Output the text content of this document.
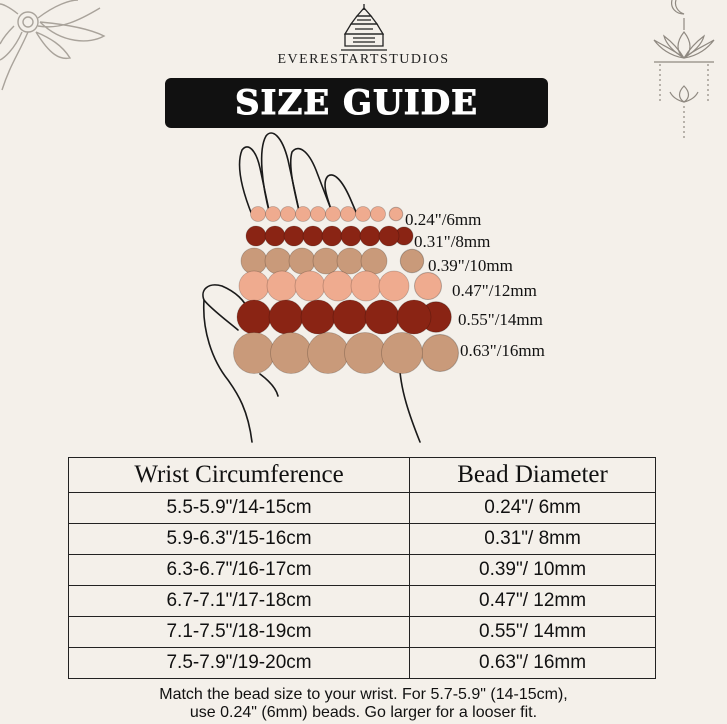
EVERESTARTSTUDIOS
SIZE GUIDE
0.24"/6mm
0.31"/8mm
0.39"/10mm
0.47"/12mm
0.55"/14mm
0.63"/16mm
Wrist Circumference	Bead Diameter
5.5-5.9"/14-15cm	0.24"/ 6mm
5.9-6.3"/15-16cm	0.31"/ 8mm
6.3-6.7"/16-17cm	0.39"/ 10mm
6.7-7.1"/17-18cm	0.47"/ 12mm
7.1-7.5"/18-19cm	0.55"/ 14mm
7.5-7.9"/19-20cm	0.63"/ 16mm
Match the bead size to your wrist. For 5.7-5.9" (14-15cm),
use 0.24" (6mm) beads. Go larger for a looser fit.
